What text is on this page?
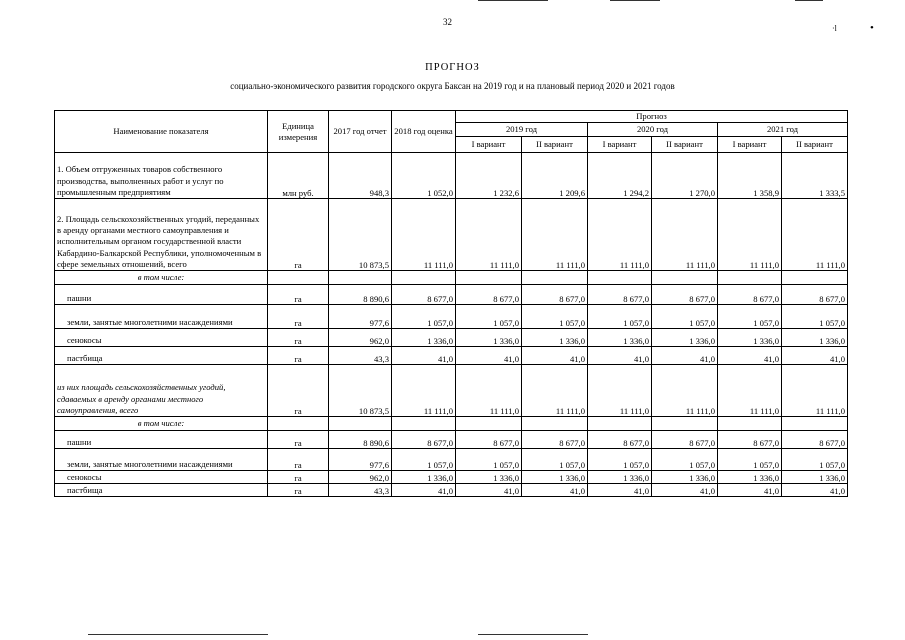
32
·l	•
ПРОГНОЗ
социально-экономического развития городского округа Баксан на 2019 год и на плановый период 2020 и 2021 годов
Наименование показателя	Единица измерения	2017 год отчет	2018 год оценка	Прогноз					
				2019 год		2020 год		2021 год	
				I вариант	II вариант	I вариант	II вариант	I вариант	II вариант
1. Объем отгруженных товаров собственного производства, выполненных работ и услуг по промышленным предприятиям	млн руб.	948,3	1 052,0	1 232,6	1 209,6	1 294,2	1 270,0	1 358,9	1 333,5
2. Площадь сельскохозяйственных угодий, переданных в аренду органами местного самоуправления и исполнительным органом государственной власти Кабардино-Балкарской Республики, уполномоченным в сфере земельных отношений, всего	га	10 873,5	11 111,0	11 111,0	11 111,0	11 111,0	11 111,0	11 111,0	11 111,0
в том числе:									
пашни	га	8 890,6	8 677,0	8 677,0	8 677,0	8 677,0	8 677,0	8 677,0	8 677,0
земли, занятые многолетними насаждениями	га	977,6	1 057,0	1 057,0	1 057,0	1 057,0	1 057,0	1 057,0	1 057,0
сенокосы	га	962,0	1 336,0	1 336,0	1 336,0	1 336,0	1 336,0	1 336,0	1 336,0
пастбища	га	43,3	41,0	41,0	41,0	41,0	41,0	41,0	41,0
из них площадь сельскохозяйственных угодий, сдаваемых в аренду органами местного самоуправления, всего	га	10 873,5	11 111,0	11 111,0	11 111,0	11 111,0	11 111,0	11 111,0	11 111,0
в том числе:									
пашни	га	8 890,6	8 677,0	8 677,0	8 677,0	8 677,0	8 677,0	8 677,0	8 677,0
земли, занятые многолетними насаждениями	га	977,6	1 057,0	1 057,0	1 057,0	1 057,0	1 057,0	1 057,0	1 057,0
сенокосы	га	962,0	1 336,0	1 336,0	1 336,0	1 336,0	1 336,0	1 336,0	1 336,0
пастбища	га	43,3	41,0	41,0	41,0	41,0	41,0	41,0	41,0
